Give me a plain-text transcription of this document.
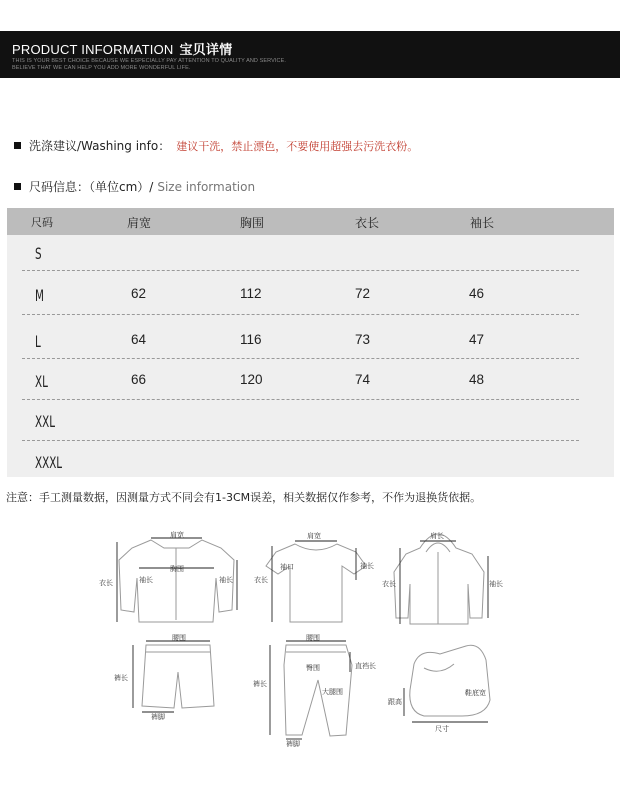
PRODUCT INFORMATION 宝贝详情
THIS IS YOUR BEST CHOICE BECAUSE WE ESPECIALLY PAY ATTENTION TO QUALITY AND SERVICE.
BELIEVE THAT WE CAN HELP YOU ADD MORE WONDERFUL LIFE.
洗涤建议/Washing info： 建议干洗，禁止漂色，不要使用超强去污洗衣粉。
尺码信息：（单位cm）/ Size information
尺码	肩宽	胸围	衣长	袖长
S
M	62	112	72	46
L	64	116	73	47
XL	66	120	74	48
XXL
XXXL
注意：手工测量数据，因测量方式不同会有1-3CM误差，相关数据仅作参考，不作为退换货依据。
肩宽
胸围
衣长	袖长	袖长
肩宽
袖口
衣长
袖长
肩长
衣长	袖长
腰围
裤长
裤脚
腰围
臀围	直裆长
裤长
大腿围
裤脚
跟高
鞋底宽
尺寸
